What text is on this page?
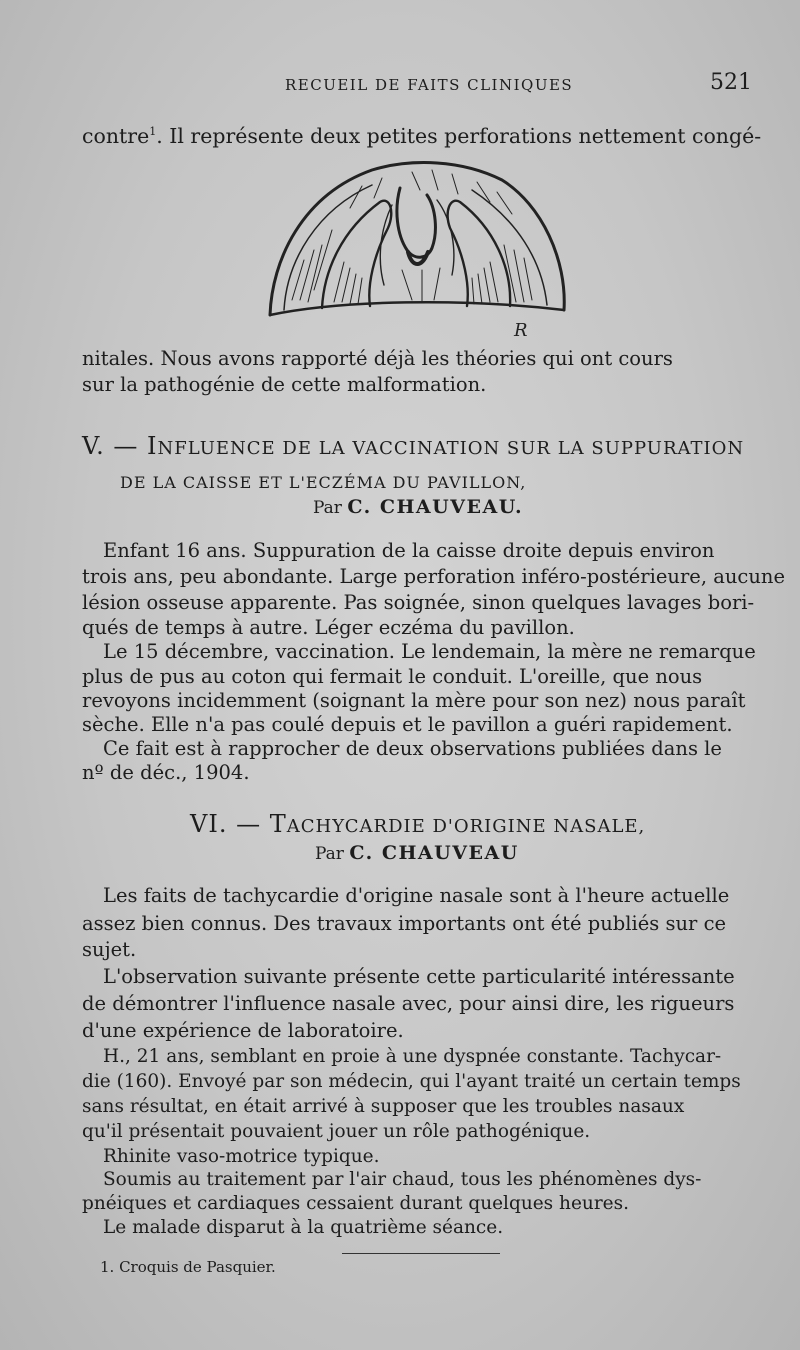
RECUEIL DE FAITS CLINIQUES	521
contre$^1$. Il représente deux petites perforations nettement congé-
R
nitales. Nous avons rapporté déjà les théories qui ont cours
sur la pathogénie de cette malformation.
V. — INFLUENCE DE LA VACCINATION SUR LA SUPPURATION
DE LA CAISSE ET L'ECZÉMA DU PAVILLON,
Par C. CHAUVEAU.
Enfant 16 ans. Suppuration de la caisse droite depuis environ
trois ans, peu abondante. Large perforation inféro-postérieure, aucune
lésion osseuse apparente. Pas soignée, sinon quelques lavages bori-
qués de temps à autre. Léger eczéma du pavillon.
Le 15 décembre, vaccination. Le lendemain, la mère ne remarque
plus de pus au coton qui fermait le conduit. L'oreille, que nous
revoyons incidemment (soignant la mère pour son nez) nous paraît
sèche. Elle n'a pas coulé depuis et le pavillon a guéri rapidement.
Ce fait est à rapprocher de deux observations publiées dans le
nº de déc., 1904.
VI. — TACHYCARDIE D'ORIGINE NASALE,
Par C. CHAUVEAU
Les faits de tachycardie d'origine nasale sont à l'heure actuelle
assez bien connus. Des travaux importants ont été publiés sur ce
sujet.
L'observation suivante présente cette particularité intéressante
de démontrer l'influence nasale avec, pour ainsi dire, les rigueurs
d'une expérience de laboratoire.
H., 21 ans, semblant en proie à une dyspnée constante. Tachycar-
die (160). Envoyé par son médecin, qui l'ayant traité un certain temps
sans résultat, en était arrivé à supposer que les troubles nasaux
qu'il présentait pouvaient jouer un rôle pathogénique.
Rhinite vaso-motrice typique.
Soumis au traitement par l'air chaud, tous les phénomènes dys-
pnéiques et cardiaques cessaient durant quelques heures.
Le malade disparut à la quatrième séance.
1. Croquis de Pasquier.
